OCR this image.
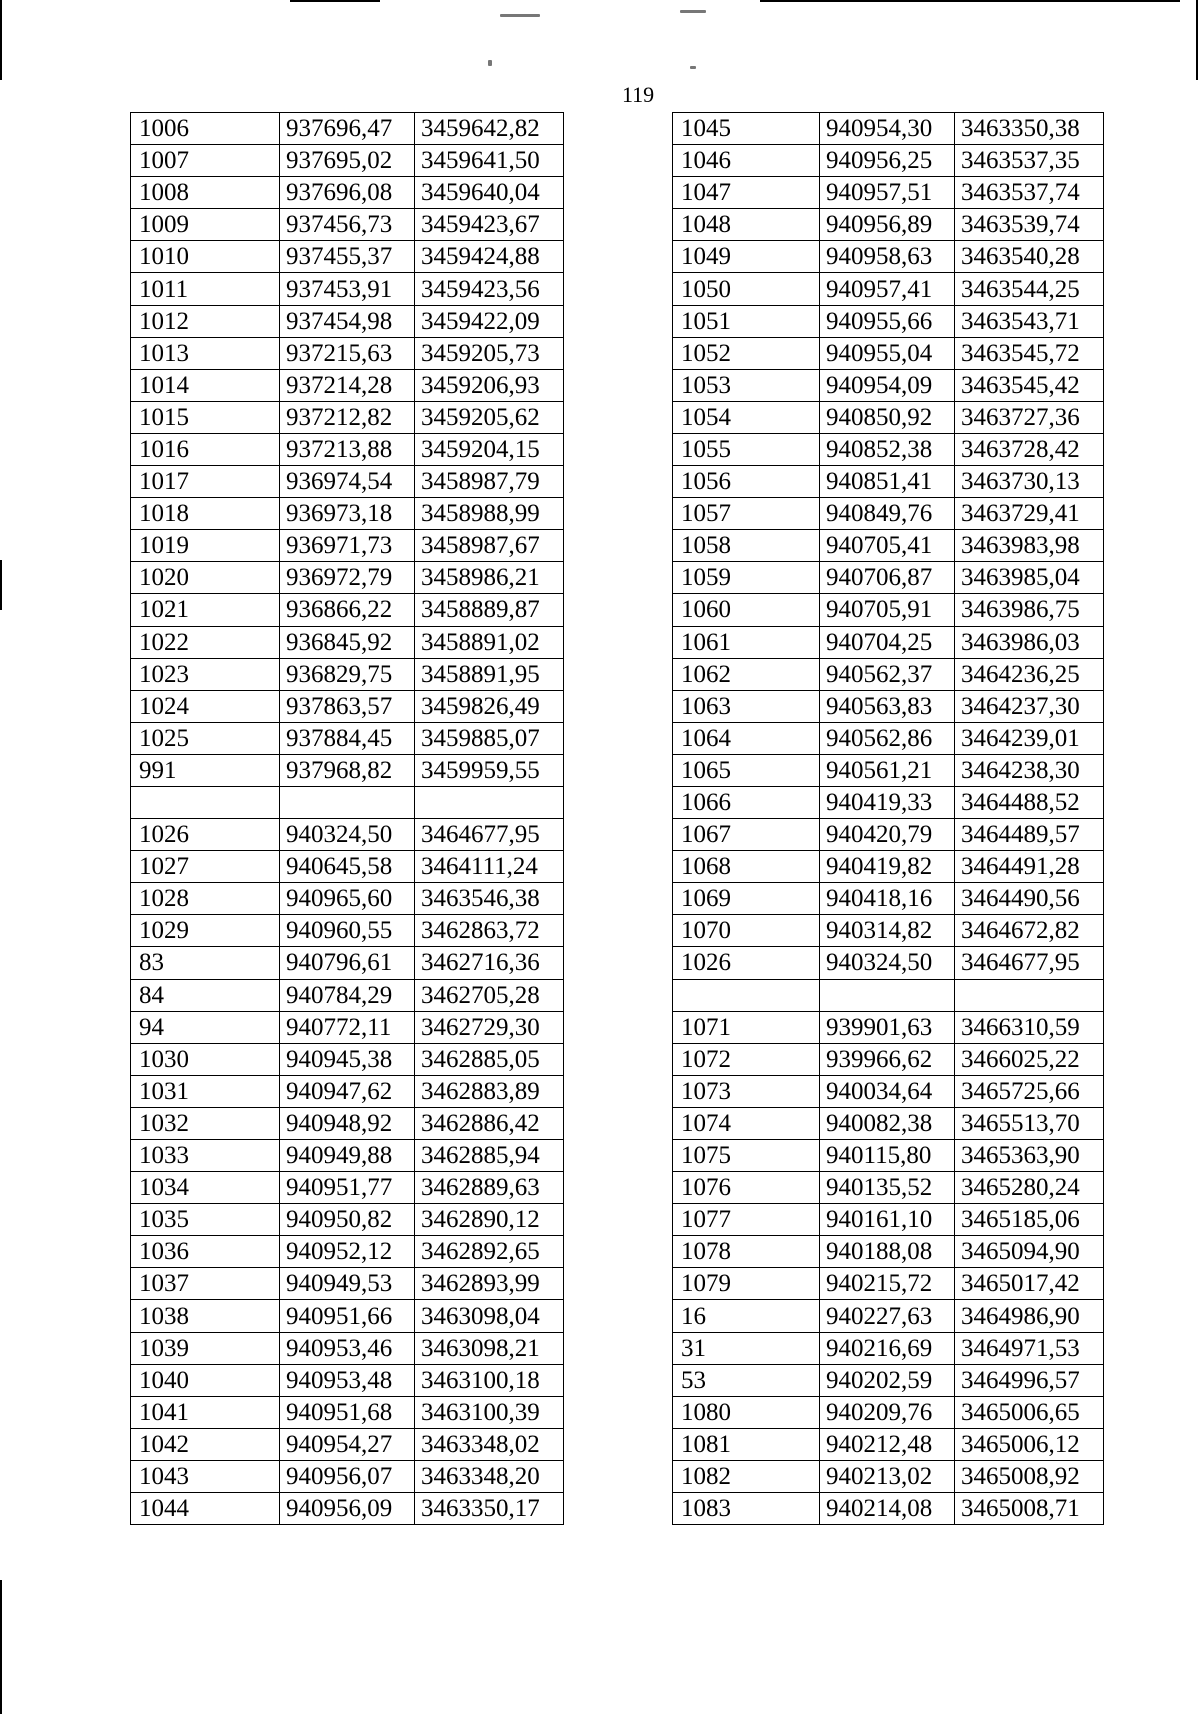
119
1006	937696,47	3459642,82
1007	937695,02	3459641,50
1008	937696,08	3459640,04
1009	937456,73	3459423,67
1010	937455,37	3459424,88
1011	937453,91	3459423,56
1012	937454,98	3459422,09
1013	937215,63	3459205,73
1014	937214,28	3459206,93
1015	937212,82	3459205,62
1016	937213,88	3459204,15
1017	936974,54	3458987,79
1018	936973,18	3458988,99
1019	936971,73	3458987,67
1020	936972,79	3458986,21
1021	936866,22	3458889,87
1022	936845,92	3458891,02
1023	936829,75	3458891,95
1024	937863,57	3459826,49
1025	937884,45	3459885,07
991	937968,82	3459959,55

1026	940324,50	3464677,95
1027	940645,58	3464111,24
1028	940965,60	3463546,38
1029	940960,55	3462863,72
83	940796,61	3462716,36
84	940784,29	3462705,28
94	940772,11	3462729,30
1030	940945,38	3462885,05
1031	940947,62	3462883,89
1032	940948,92	3462886,42
1033	940949,88	3462885,94
1034	940951,77	3462889,63
1035	940950,82	3462890,12
1036	940952,12	3462892,65
1037	940949,53	3462893,99
1038	940951,66	3463098,04
1039	940953,46	3463098,21
1040	940953,48	3463100,18
1041	940951,68	3463100,39
1042	940954,27	3463348,02
1043	940956,07	3463348,20
1044	940956,09	3463350,17
1045	940954,30	3463350,38
1046	940956,25	3463537,35
1047	940957,51	3463537,74
1048	940956,89	3463539,74
1049	940958,63	3463540,28
1050	940957,41	3463544,25
1051	940955,66	3463543,71
1052	940955,04	3463545,72
1053	940954,09	3463545,42
1054	940850,92	3463727,36
1055	940852,38	3463728,42
1056	940851,41	3463730,13
1057	940849,76	3463729,41
1058	940705,41	3463983,98
1059	940706,87	3463985,04
1060	940705,91	3463986,75
1061	940704,25	3463986,03
1062	940562,37	3464236,25
1063	940563,83	3464237,30
1064	940562,86	3464239,01
1065	940561,21	3464238,30
1066	940419,33	3464488,52
1067	940420,79	3464489,57
1068	940419,82	3464491,28
1069	940418,16	3464490,56
1070	940314,82	3464672,82
1026	940324,50	3464677,95

1071	939901,63	3466310,59
1072	939966,62	3466025,22
1073	940034,64	3465725,66
1074	940082,38	3465513,70
1075	940115,80	3465363,90
1076	940135,52	3465280,24
1077	940161,10	3465185,06
1078	940188,08	3465094,90
1079	940215,72	3465017,42
16	940227,63	3464986,90
31	940216,69	3464971,53
53	940202,59	3464996,57
1080	940209,76	3465006,65
1081	940212,48	3465006,12
1082	940213,02	3465008,92
1083	940214,08	3465008,71
